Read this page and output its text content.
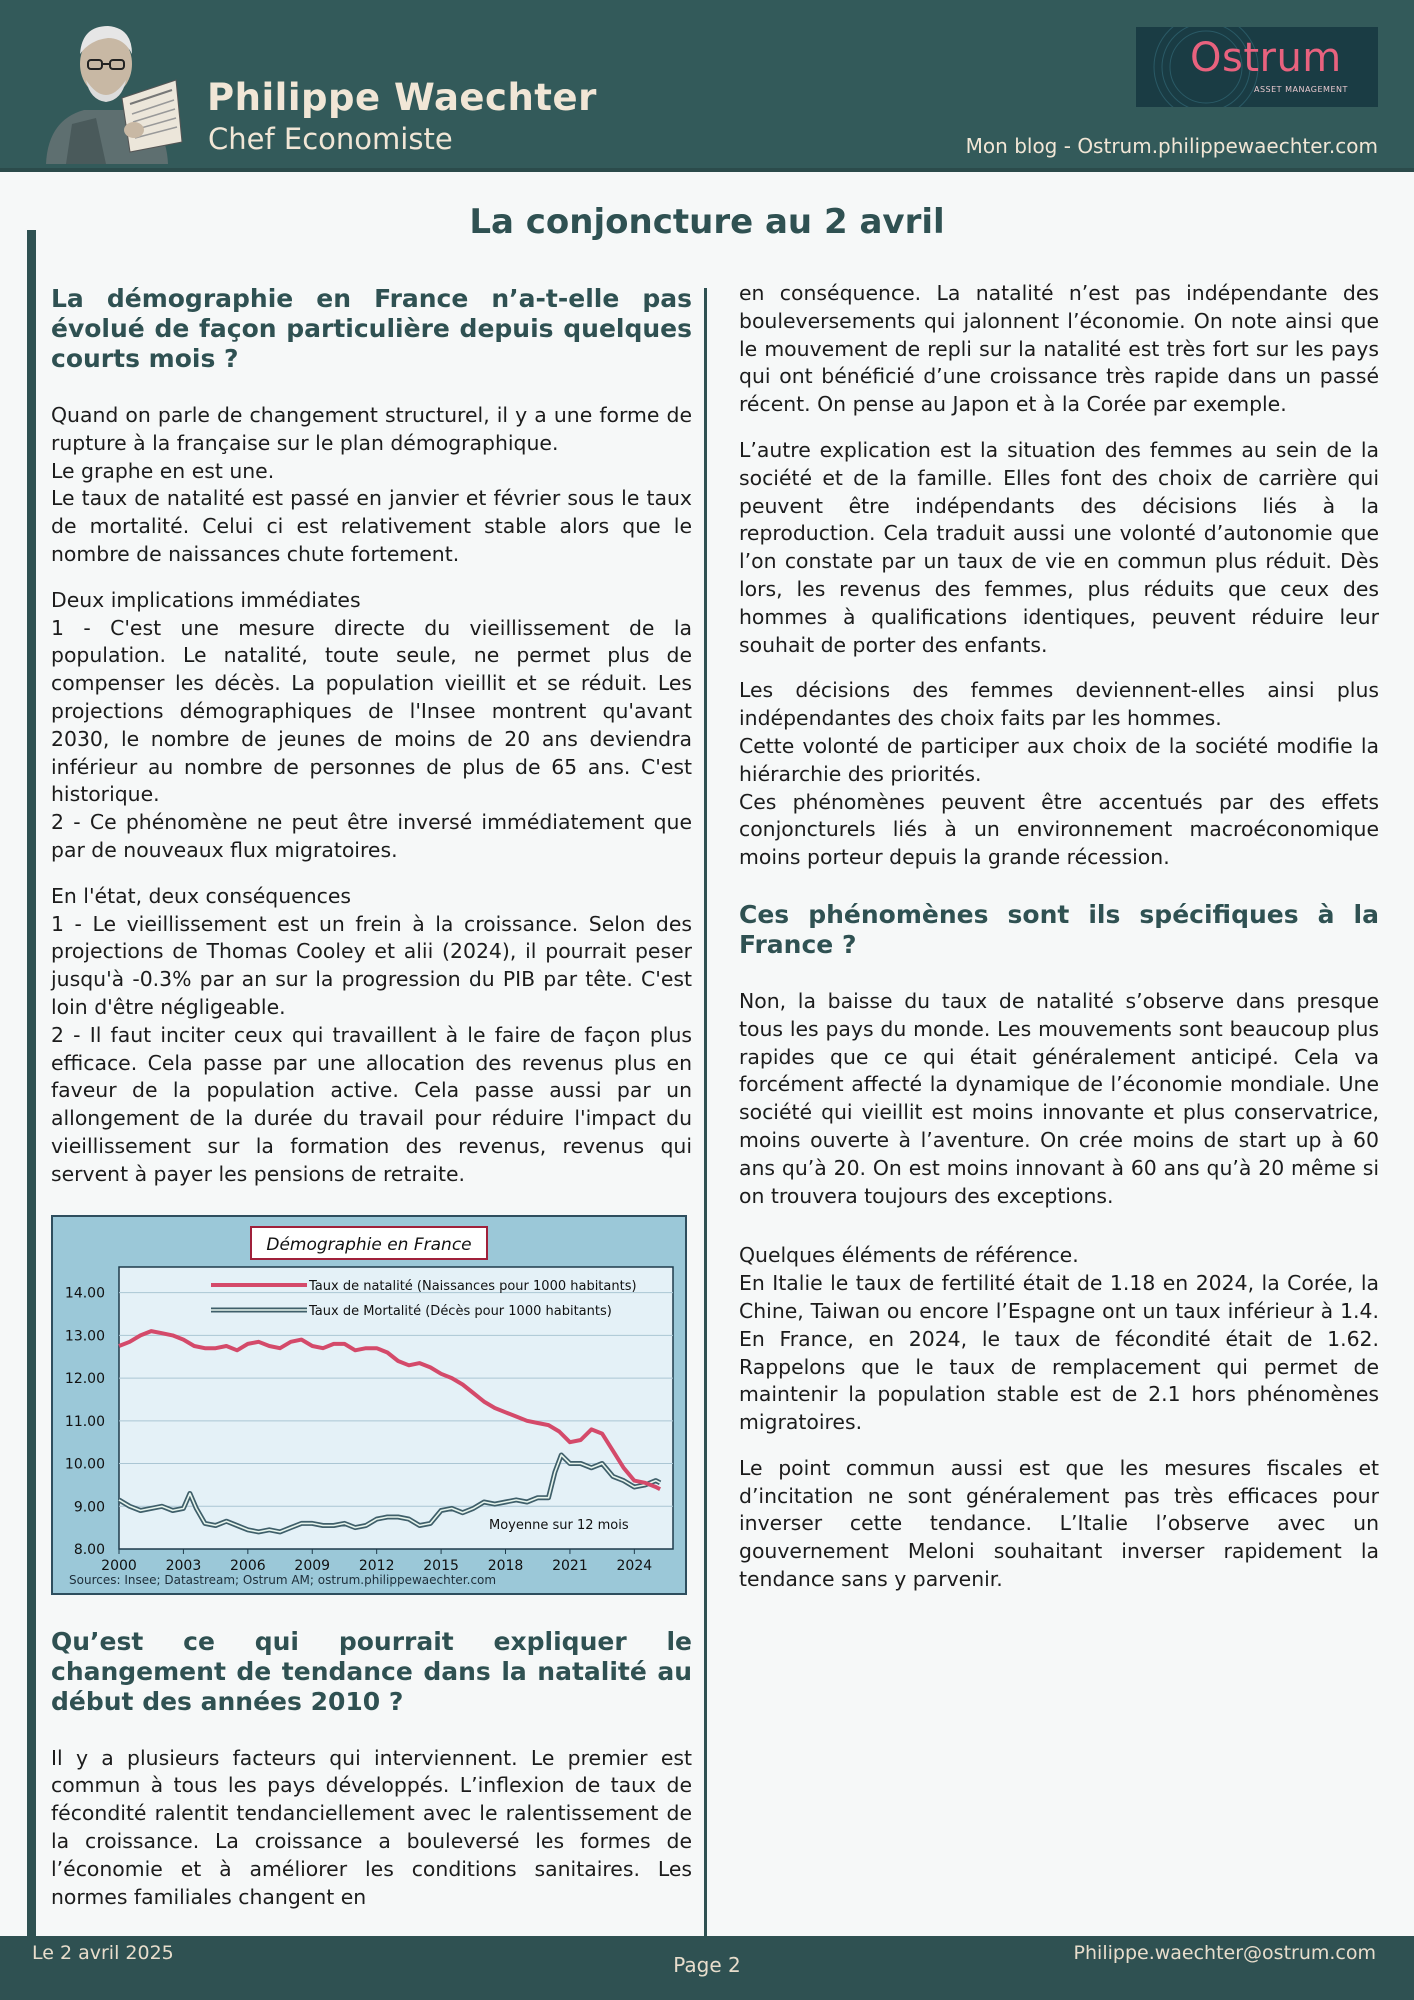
Philippe Waechter
Chef Economiste
Ostrum
ASSET MANAGEMENT
Mon blog - Ostrum.philippewaechter.com
La conjoncture au 2 avril
La démographie en France n’a-t-elle pas évolué de façon particulière depuis quelques courts mois ?

Quand on parle de changement structurel, il y a une forme de rupture à la française sur le plan démographique.

Le graphe en est une.

Le taux de natalité est passé en janvier et février sous le taux de mortalité. Celui ci est relativement stable alors que le nombre de naissances chute fortement.

Deux implications immédiates

1 - C'est une mesure directe du vieillissement de la population. Le natalité, toute seule, ne permet plus de compenser les décès. La population vieillit et se réduit. Les projections démographiques de l'Insee montrent qu'avant 2030, le nombre de jeunes de moins de 20 ans deviendra inférieur au nombre de personnes de plus de 65 ans. C'est historique.

2 - Ce phénomène ne peut être inversé immédiatement que par de nouveaux flux migratoires.

En l'état, deux conséquences

1 - Le vieillissement est un frein à la croissance. Selon des projections de Thomas Cooley et alii (2024), il pourrait peser jusqu'à -0.3% par an sur la progression du PIB par tête. C'est loin d'être négligeable.

2 - Il faut inciter ceux qui travaillent à le faire de façon plus efficace. Cela passe par une allocation des revenus plus en faveur de la population active. Cela passe aussi par un allongement de la durée du travail pour réduire l'impact du vieillissement sur la formation des revenus, revenus qui servent à payer les pensions de retraite.

14.00
13.00
12.00
11.00
10.00
9.00
8.00
2000 2003 2006 2009 2012 2015 2018 2021 2024
Démographie en France
Taux de natalité (Naissances pour 1000 habitants)
Taux de Mortalité (Décès pour 1000 habitants)
Moyenne sur 12 mois
Sources: Insee; Datastream; Ostrum AM; ostrum.philippewaechter.com
Qu’est ce qui pourrait expliquer le changement de tendance dans la natalité au début des années 2010 ?

Il y a plusieurs facteurs qui interviennent. Le premier est commun à tous les pays développés. L’inflexion de taux de fécondité ralentit tendanciellement avec le ralentissement de la croissance. La croissance a bouleversé les formes de l’économie et à améliorer les conditions sanitaires. Les normes familiales changent en

en conséquence. La natalité n’est pas indépendante des bouleversements qui jalonnent l’économie. On note ainsi que le mouvement de repli sur la natalité est très fort sur les pays qui ont bénéficié d’une croissance très rapide dans un passé récent. On pense au Japon et à la Corée par exemple.

L’autre explication est la situation des femmes au sein de la société et de la famille. Elles font des choix de carrière qui peuvent être indépendants des décisions liés à la reproduction. Cela traduit aussi une volonté d’autonomie que l’on constate par un taux de vie en commun plus réduit. Dès lors, les revenus des femmes, plus réduits que ceux des hommes à qualifications identiques, peuvent réduire leur souhait de porter des enfants.

Les décisions des femmes deviennent-elles ainsi plus indépendantes des choix faits par les hommes.

Cette volonté de participer aux choix de la société modifie la hiérarchie des priorités.

Ces phénomènes peuvent être accentués par des effets conjoncturels liés à un environnement macroéconomique moins porteur depuis la grande récession.

Ces phénomènes sont ils spécifiques à la France ?

Non, la baisse du taux de natalité s’observe dans presque tous les pays du monde. Les mouvements sont beaucoup plus rapides que ce qui était généralement anticipé. Cela va forcément affecté la dynamique de l’économie mondiale. Une société qui vieillit est moins innovante et plus conservatrice, moins ouverte à l’aventure. On crée moins de start up à 60 ans qu’à 20. On est moins innovant à 60 ans qu’à 20 même si on trouvera toujours des exceptions.

Quelques éléments de référence.

En Italie le taux de fertilité était de 1.18 en 2024, la Corée, la Chine, Taiwan ou encore l’Espagne ont un taux inférieur à 1.4. En France, en 2024, le taux de fécondité était de 1.62. Rappelons que le taux de remplacement qui permet de maintenir la population stable est de 2.1 hors phénomènes migratoires.

Le point commun aussi est que les mesures fiscales et d’incitation ne sont généralement pas très efficaces pour inverser cette tendance. L’Italie l’observe avec un gouvernement Meloni souhaitant inverser rapidement la tendance sans y parvenir.

Le 2 avril 2025	Page 2	Philippe.waechter@ostrum.com
